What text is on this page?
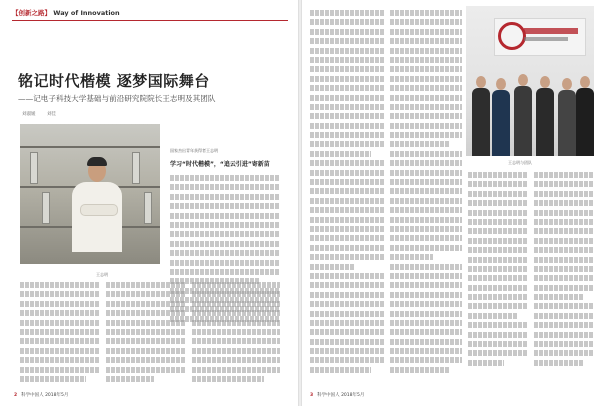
【创新之路】 Way of Innovation
铭记时代楷模 逐梦国际舞台
——记电子科技大学基础与前沿研究院院长王志明及其团队
刘淑媛	刘佳
王志明
国家杰出青年获得者王志明
学习“时代楷模”，“追云引进”寄新苗
2 科学中国人 2018年5月
王志明与团队
3 科学中国人 2018年5月
